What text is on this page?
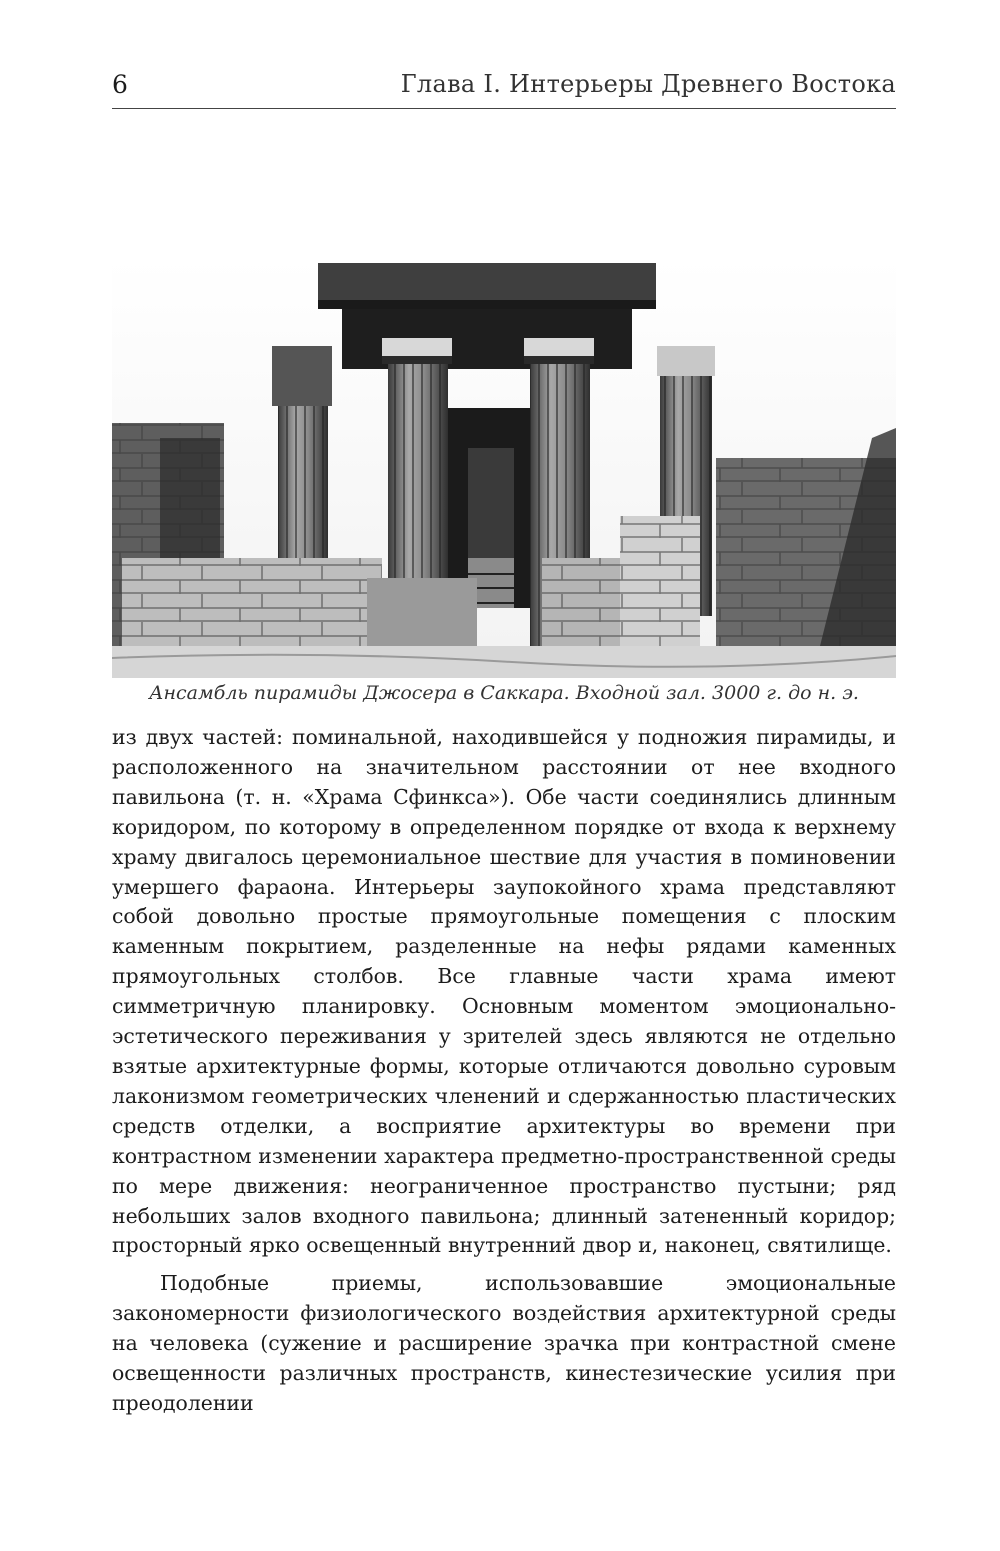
6	Глава I. Интерьеры Древнего Востока
Ансамбль пирамиды Джосера в Саккара. Входной зал. 3000 г. до н. э.

из двух частей: поминальной, находившейся у подножия пирамиды, и расположенного на значительном расстоянии от нее входного павильона (т. н. «Храма Сфинкса»). Обе части соединялись длинным коридором, по которому в определенном порядке от входа к верхнему храму двигалось церемониальное шествие для участия в поминовении умершего фараона. Интерьеры заупокойного храма представляют собой довольно простые прямоугольные помещения с плоским каменным покрытием, разделенные на нефы рядами каменных прямоугольных столбов. Все главные части храма имеют симметричную планировку. Основным моментом эмоционально-эстетического переживания у зрителей здесь являются не отдельно взятые архитектурные формы, которые отличаются довольно суровым лаконизмом геометрических членений и сдержанностью пластических средств отделки, а восприятие архитектуры во времени при контрастном изменении характера предметно-пространственной среды по мере движения: неограниченное пространство пустыни; ряд небольших залов входного павильона; длинный затененный коридор; просторный ярко освещенный внутренний двор и, наконец, святилище.

Подобные приемы, использовавшие эмоциональные закономерности физиологического воздействия архитектурной среды на человека (сужение и расширение зрачка при контрастной смене освещенности различных пространств, кинестезические усилия при преодолении
